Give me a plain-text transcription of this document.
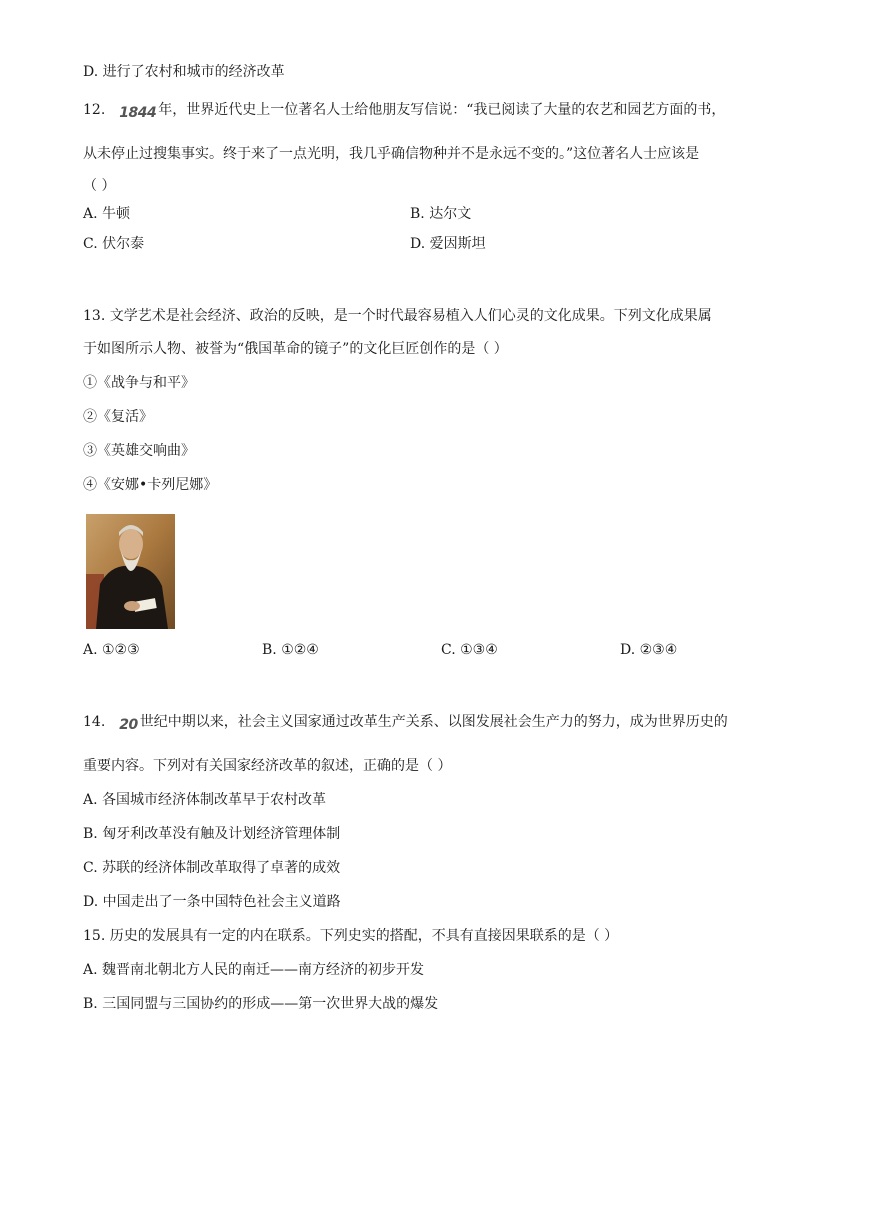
D. 进行了农村和城市的经济改革
12. 1844 年，世界近代史上一位著名人士给他朋友写信说：“我已阅读了大量的农艺和园艺方面的书，
从未停止过搜集事实。终于来了一点光明，我几乎确信物种并不是永远不变的。”这位著名人士应该是
（ ）
A. 牛顿	B. 达尔文
C. 伏尔泰	D. 爱因斯坦
13. 文学艺术是社会经济、政治的反映，是一个时代最容易植入人们心灵的文化成果。下列文化成果属
于如图所示人物、被誉为“俄国革命的镜子”的文化巨匠创作的是（ ）
①《战争与和平》
②《复活》
③《英雄交响曲》
④《安娜•卡列尼娜》
A. ①②③	B. ①②④	C. ①③④	D. ②③④
14. 20 世纪中期以来，社会主义国家通过改革生产关系、以图发展社会生产力的努力，成为世界历史的
重要内容。下列对有关国家经济改革的叙述，正确的是（ ）
A. 各国城市经济体制改革早于农村改革
B. 匈牙利改革没有触及计划经济管理体制
C. 苏联的经济体制改革取得了卓著的成效
D. 中国走出了一条中国特色社会主义道路
15. 历史的发展具有一定的内在联系。下列史实的搭配，不具有直接因果联系的是（ ）
A. 魏晋南北朝北方人民的南迁——南方经济的初步开发
B. 三国同盟与三国协约的形成——第一次世界大战的爆发
